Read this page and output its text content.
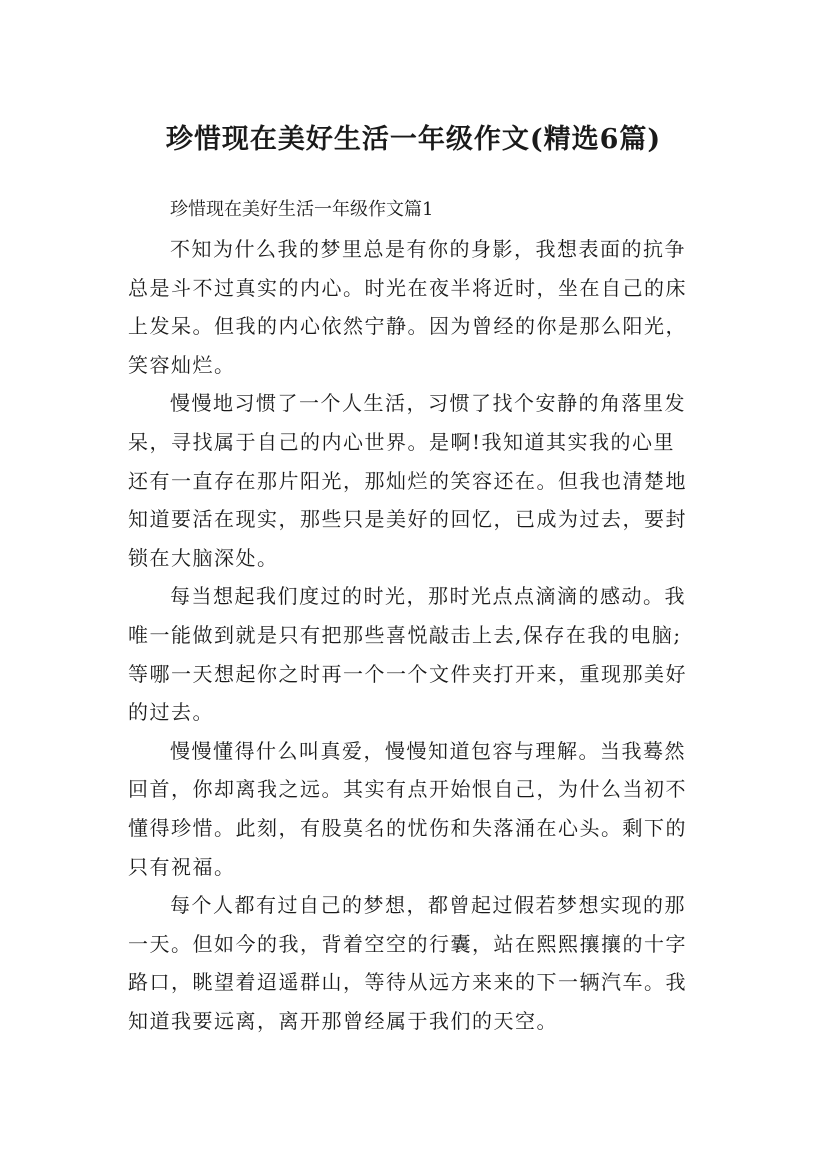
珍惜现在美好生活一年级作文(精选6篇)

珍惜现在美好生活一年级作文篇1

不知为什么我的梦里总是有你的身影，我想表面的抗争
总是斗不过真实的内心。时光在夜半将近时，坐在自己的床
上发呆。但我的内心依然宁静。因为曾经的你是那么阳光，
笑容灿烂。

慢慢地习惯了一个人生活，习惯了找个安静的角落里发
呆，寻找属于自己的内心世界。是啊!我知道其实我的心里
还有一直存在那片阳光，那灿烂的笑容还在。但我也清楚地
知道要活在现实，那些只是美好的回忆，已成为过去，要封
锁在大脑深处。

每当想起我们度过的时光，那时光点点滴滴的感动。我
唯一能做到就是只有把那些喜悦敲击上去,保存在我的电脑;
等哪一天想起你之时再一个一个文件夹打开来，重现那美好
的过去。

慢慢懂得什么叫真爱，慢慢知道包容与理解。当我蓦然
回首，你却离我之远。其实有点开始恨自己，为什么当初不
懂得珍惜。此刻，有股莫名的忧伤和失落涌在心头。剩下的
只有祝福。

每个人都有过自己的梦想，都曾起过假若梦想实现的那
一天。但如今的我，背着空空的行囊，站在熙熙攘攘的十字
路口，眺望着迢遥群山，等待从远方来来的下一辆汽车。我
知道我要远离，离开那曾经属于我们的天空。
